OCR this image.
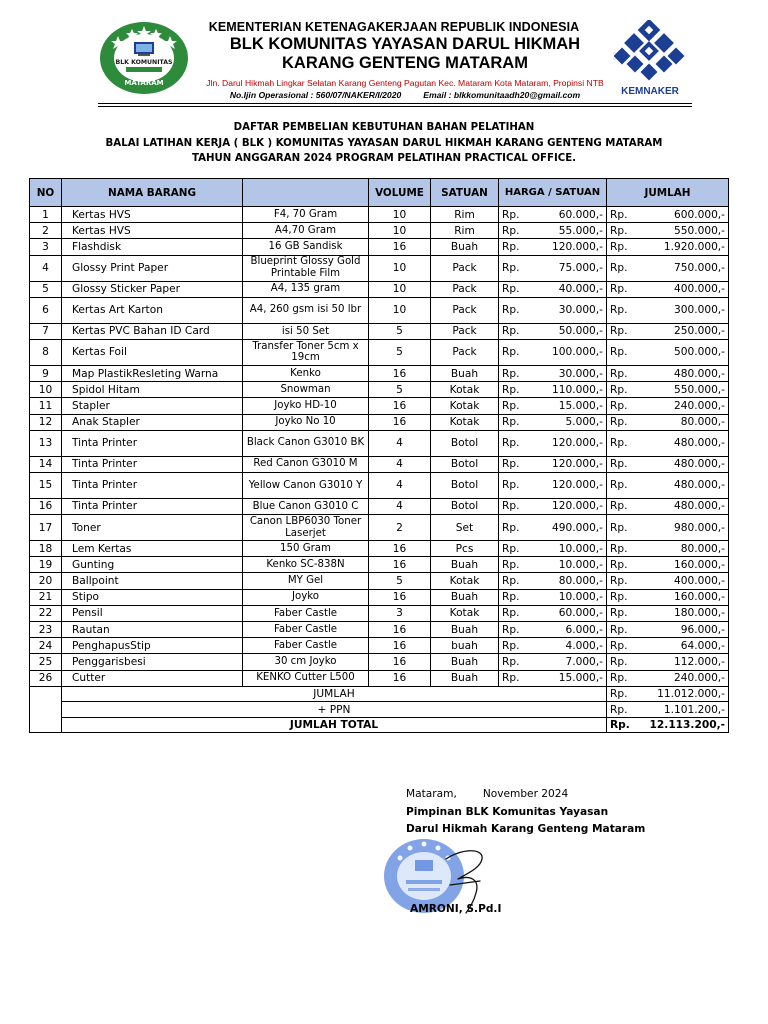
BLK KOMUNITAS
MATARAM
KEMENTERIAN KETENAGAKERJAAN REPUBLIK INDONESIA
BLK KOMUNITAS YAYASAN DARUL HIKMAH
KARANG GENTENG MATARAM
Jln. Darul Hikmah Lingkar Selatan Karang Genteng Pagutan Kec. Mataram Kota Mataram, Propinsi NTB
No.Ijin Operasional : 560/07/NAKER/I/2020	Email : blkkomunitaadh20@gmail.com	KEMNAKER
DAFTAR PEMBELIAN KEBUTUHAN BAHAN PELATIHAN
BALAI LATIHAN KERJA ( BLK ) KOMUNITAS YAYASAN DARUL HIKMAH KARANG GENTENG MATARAM
TAHUN ANGGARAN 2024 PROGRAM PELATIHAN PRACTICAL OFFICE.
NO	NAMA BARANG		VOLUME	SATUAN	HARGA / SATUAN	JUMLAH
1	Kertas HVS	F4, 70 Gram	10	Rim	Rp. 60.000,-	Rp. 600.000,-

2	Kertas HVS	A4,70 Gram	10	Rim	Rp. 55.000,-	Rp. 550.000,-

3	Flashdisk	16 GB Sandisk	16	Buah	Rp. 120.000,-	Rp. 1.920.000,-

4	Glossy Print Paper	Blueprint Glossy Gold Printable Film	10	Pack	Rp. 75.000,-	Rp. 750.000,-

5	Glossy Sticker Paper	A4, 135 gram	10	Pack	Rp. 40.000,-	Rp. 400.000,-

6	Kertas Art Karton	A4, 260 gsm isi 50 lbr	10	Pack	Rp. 30.000,-	Rp. 300.000,-

7	Kertas PVC Bahan ID Card	isi 50 Set	5	Pack	Rp. 50.000,-	Rp. 250.000,-

8	Kertas Foil	Transfer Toner 5cm x 19cm	5	Pack	Rp. 100.000,-	Rp. 500.000,-

9	Map PlastikResleting Warna	Kenko	16	Buah	Rp. 30.000,-	Rp. 480.000,-

10	Spidol Hitam	Snowman	5	Kotak	Rp. 110.000,-	Rp. 550.000,-

11	Stapler	Joyko HD-10	16	Kotak	Rp. 15.000,-	Rp. 240.000,-

12	Anak Stapler	Joyko No 10	16	Kotak	Rp. 5.000,-	Rp. 80.000,-

13	Tinta Printer	Black Canon G3010 BK	4	Botol	Rp. 120.000,-	Rp. 480.000,-

14	Tinta Printer	Red Canon G3010 M	4	Botol	Rp. 120.000,-	Rp. 480.000,-

15	Tinta Printer	Yellow Canon G3010 Y	4	Botol	Rp. 120.000,-	Rp. 480.000,-

16	Tinta Printer	Blue Canon G3010 C	4	Botol	Rp. 120.000,-	Rp. 480.000,-

17	Toner	Canon LBP6030 Toner Laserjet	2	Set	Rp. 490.000,-	Rp. 980.000,-

18	Lem Kertas	150 Gram	16	Pcs	Rp. 10.000,-	Rp. 80.000,-

19	Gunting	Kenko SC-838N	16	Buah	Rp. 10.000,-	Rp. 160.000,-

20	Ballpoint	MY Gel	5	Kotak	Rp. 80.000,-	Rp. 400.000,-

21	Stipo	Joyko	16	Buah	Rp. 10.000,-	Rp. 160.000,-

22	Pensil	Faber Castle	3	Kotak	Rp. 60.000,-	Rp. 180.000,-

23	Rautan	Faber Castle	16	Buah	Rp. 6.000,-	Rp. 96.000,-

24	PenghapusStip	Faber Castle	16	buah	Rp. 4.000,-	Rp. 64.000,-

25	Penggarisbesi	30 cm Joyko	16	Buah	Rp. 7.000,-	Rp. 112.000,-

26	Cutter	KENKO Cutter L500	16	Buah	Rp. 15.000,-	Rp. 240.000,-

	JUMLAH					Rp. 11.012.000,-

	+ PPN					Rp. 1.101.200,-

	JUMLAH TOTAL					Rp. 12.113.200,-
Mataram, November 2024
Pimpinan BLK Komunitas Yayasan
Darul Hikmah Karang Genteng Mataram
AMRONI, S.Pd.I
